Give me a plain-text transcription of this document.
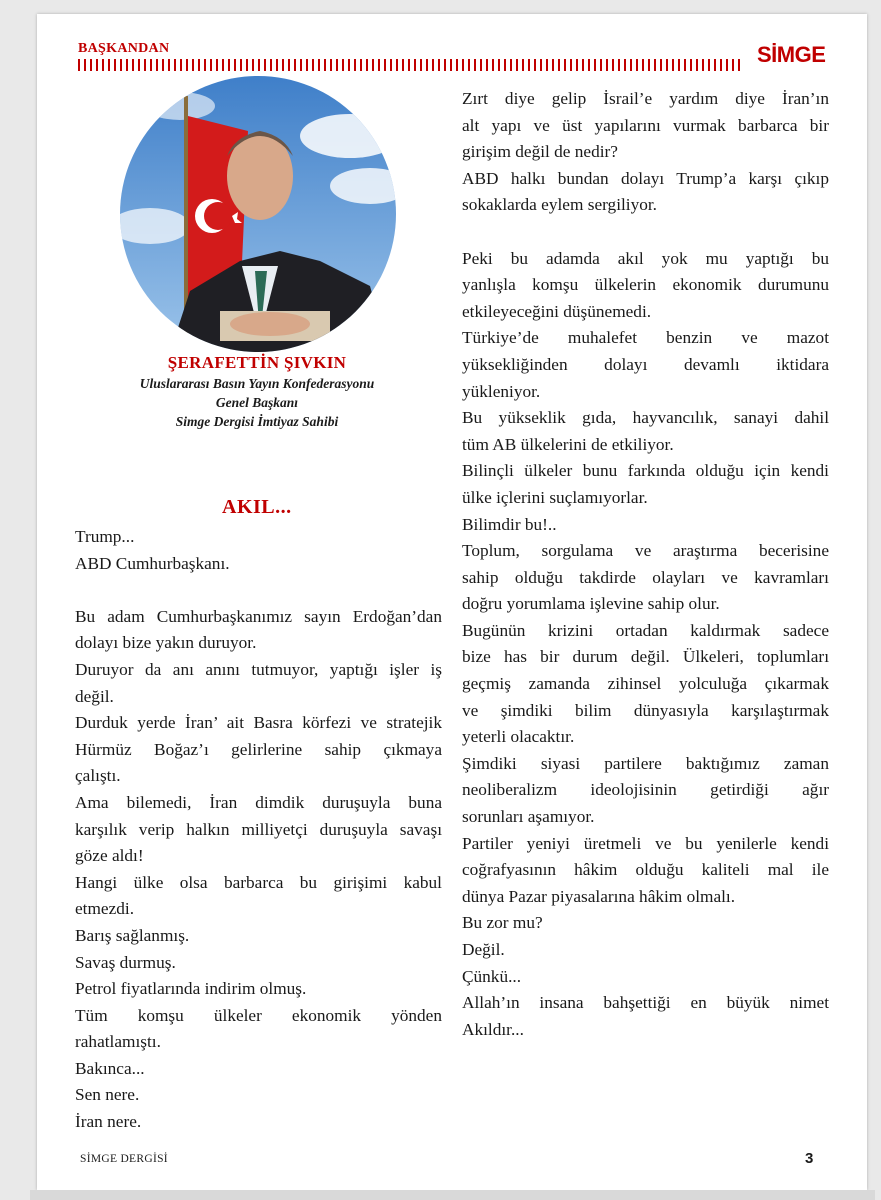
BAŞKANDAN	SİMGE
ŞERAFETTİN ŞIVKIN
Uluslararası Basın Yayın Konfederasyonu
Genel Başkanı
Simge Dergisi İmtiyaz Sahibi
AKIL...

Trump...

ABD Cumhurbaşkanı.

Bu adam Cumhurbaşkanımız sayın Erdoğan’dan

dolayı bize yakın duruyor.

Duruyor da anı anını tutmuyor, yaptığı işler iş

değil.

Durduk yerde İran’ ait Basra körfezi ve stratejik

Hürmüz Boğaz’ı gelirlerine sahip çıkmaya

çalıştı.

Ama bilemedi, İran dimdik duruşuyla buna

karşılık verip halkın milliyetçi duruşuyla savaşı

göze aldı!

Hangi ülke olsa barbarca bu girişimi kabul

etmezdi.

Barış sağlanmış.

Savaş durmuş.

Petrol fiyatlarında indirim olmuş.

Tüm komşu ülkeler ekonomik yönden

rahatlamıştı.

Bakınca...

Sen nere.

İran nere.

Zırt diye gelip İsrail’e yardım diye İran’ın

alt yapı ve üst yapılarını vurmak barbarca bir

girişim değil de nedir?

ABD halkı bundan dolayı Trump’a karşı çıkıp

sokaklarda eylem sergiliyor.

Peki bu adamda akıl yok mu yaptığı bu

yanlışla komşu ülkelerin ekonomik durumunu

etkileyeceğini düşünemedi.

Türkiye’de muhalefet benzin ve mazot

yüksekliğinden dolayı devamlı iktidara

yükleniyor.

Bu yükseklik gıda, hayvancılık, sanayi dahil

tüm AB ülkelerini de etkiliyor.

Bilinçli ülkeler bunu farkında olduğu için kendi

ülke içlerini suçlamıyorlar.

Bilimdir bu!..

Toplum, sorgulama ve araştırma becerisine

sahip olduğu takdirde olayları ve kavramları

doğru yorumlama işlevine sahip olur.

Bugünün krizini ortadan kaldırmak sadece

bize has bir durum değil. Ülkeleri, toplumları

geçmiş zamanda zihinsel yolculuğa çıkarmak

ve şimdiki bilim dünyasıyla karşılaştırmak

yeterli olacaktır.

Şimdiki siyasi partilere baktığımız zaman

neoliberalizm ideolojisinin getirdiği ağır

sorunları aşamıyor.

Partiler yeniyi üretmeli ve bu yenilerle kendi

coğrafyasının hâkim olduğu kaliteli mal ile

dünya Pazar piyasalarına hâkim olmalı.

Bu zor mu?

Değil.

Çünkü...

Allah’ın insana bahşettiği en büyük nimet

Akıldır...

SİMGE DERGİSİ	3
